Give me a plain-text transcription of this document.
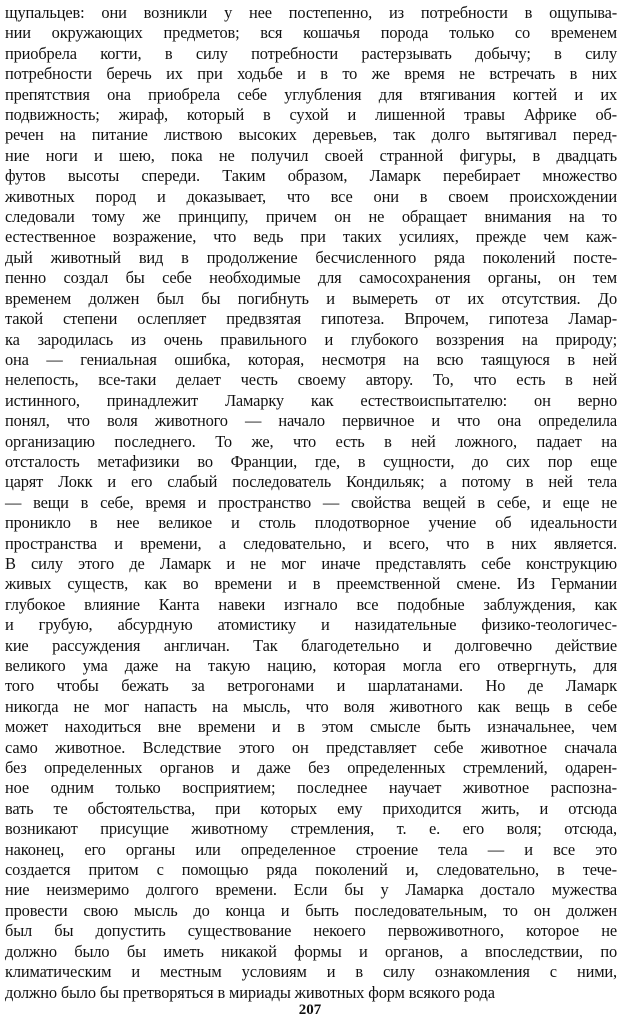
щупальцев: они возникли у нее постепенно, из потребности в ощупыва-
нии окружающих предметов; вся кошачья порода только со временем
приобрела когти, в силу потребности растерзывать добычу; в силу
потребности беречь их при ходьбе и в то же время не встречать в них
препятствия она приобрела себе углубления для втягивания когтей и их
подвижность; жираф, который в сухой и лишенной травы Африке об-
речен на питание листвою высоких деревьев, так долго вытягивал перед-
ние ноги и шею, пока не получил своей странной фигуры, в двадцать
футов высоты спереди. Таким образом, Ламарк перебирает множество
животных пород и доказывает, что все они в своем происхождении
следовали тому же принципу, причем он не обращает внимания на то
естественное возражение, что ведь при таких усилиях, прежде чем каж-
дый животный вид в продолжение бесчисленного ряда поколений посте-
пенно создал бы себе необходимые для самосохранения органы, он тем
временем должен был бы погибнуть и вымереть от их отсутствия. До
такой степени ослепляет предвзятая гипотеза. Впрочем, гипотеза Ламар-
ка зародилась из очень правильного и глубокого воззрения на природу;
она — гениальная ошибка, которая, несмотря на всю таящуюся в ней
нелепость, все-таки делает честь своему автору. То, что есть в ней
истинного, принадлежит Ламарку как естествоиспытателю: он верно
понял, что воля животного — начало первичное и что она определила
организацию последнего. То же, что есть в ней ложного, падает на
отсталость метафизики во Франции, где, в сущности, до сих пор еще
царят Локк и его слабый последователь Кондильяк; а потому в ней тела
— вещи в себе, время и пространство — свойства вещей в себе, и еще не
проникло в нее великое и столь плодотворное учение об идеальности
пространства и времени, а следовательно, и всего, что в них является.
В силу этого де Ламарк и не мог иначе представлять себе конструкцию
живых существ, как во времени и в преемственной смене. Из Германии
глубокое влияние Канта навеки изгнало все подобные заблуждения, как
и грубую, абсурдную атомистику и назидательные физико-теологичес-
кие рассуждения англичан. Так благодетельно и долговечно действие
великого ума даже на такую нацию, которая могла его отвергнуть, для
того чтобы бежать за ветрогонами и шарлатанами. Но де Ламарк
никогда не мог напасть на мысль, что воля животного как вещь в себе
может находиться вне времени и в этом смысле быть изначальнее, чем
само животное. Вследствие этого он представляет себе животное сначала
без определенных органов и даже без определенных стремлений, одарен-
ное одним только восприятием; последнее научает животное распозна-
вать те обстоятельства, при которых ему приходится жить, и отсюда
возникают присущие животному стремления, т. е. его воля; отсюда,
наконец, его органы или определенное строение тела — и все это
создается притом с помощью ряда поколений и, следовательно, в тече-
ние неизмеримо долгого времени. Если бы у Ламарка достало мужества
провести свою мысль до конца и быть последовательным, то он должен
был бы допустить существование некоего первоживотного, которое не
должно было бы иметь никакой формы и органов, а впоследствии, по
климатическим и местным условиям и в силу ознакомления с ними,
должно было бы претворяться в мириады животных форм всякого рода
207
